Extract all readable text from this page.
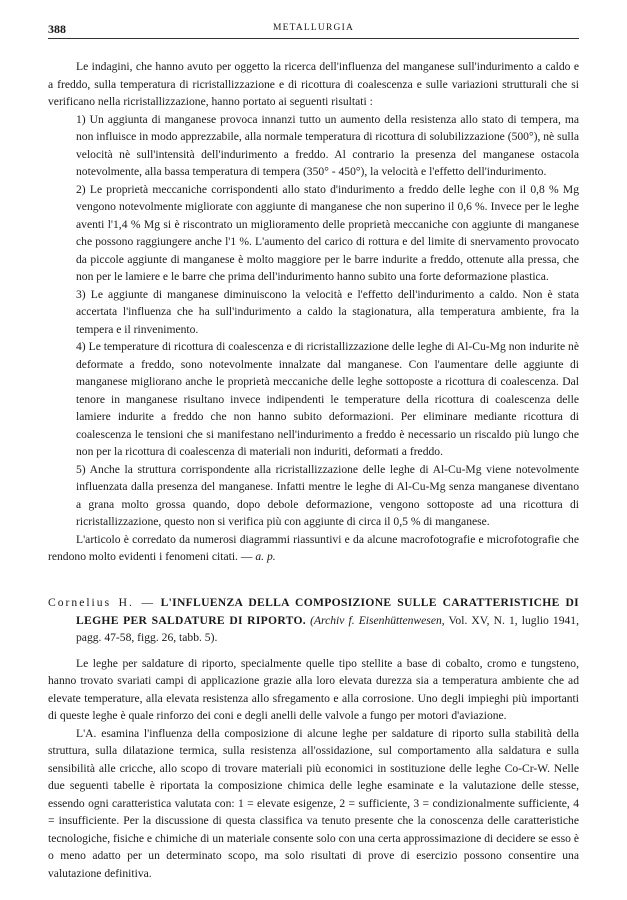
388	METALLURGIA

Le indagini, che hanno avuto per oggetto la ricerca dell'influenza del manganese sull'indurimento a caldo e a freddo, sulla temperatura di ricristallizzazione e di ricottura di coalescenza e sulle variazioni strutturali che si verificano nella ricristallizzazione, hanno portato ai seguenti risultati :

1) Un aggiunta di manganese provoca innanzi tutto un aumento della resistenza allo stato di tempera, ma non influisce in modo apprezzabile, alla normale temperatura di ricottura di solubilizzazione (500°), nè sulla velocità nè sull'intensità dell'indurimento a freddo. Al contrario la presenza del manganese ostacola notevolmente, alla bassa temperatura di tempera (350° - 450°), la velocità e l'effetto dell'indurimento.

2) Le proprietà meccaniche corrispondenti allo stato d'indurimento a freddo delle leghe con il 0,8 % Mg vengono notevolmente migliorate con aggiunte di manganese che non superino il 0,6 %. Invece per le leghe aventi l'1,4 % Mg si è riscontrato un miglioramento delle proprietà meccaniche con aggiunte di manganese che possono raggiungere anche l'1 %. L'aumento del carico di rottura e del limite di snervamento provocato da piccole aggiunte di manganese è molto maggiore per le barre indurite a freddo, ottenute alla pressa, che non per le lamiere e le barre che prima dell'indurimento hanno subito una forte deformazione plastica.

3) Le aggiunte di manganese diminuiscono la velocità e l'effetto dell'indurimento a caldo. Non è stata accertata l'influenza che ha sull'indurimento a caldo la stagionatura, alla temperatura ambiente, fra la tempera e il rinvenimento.

4) Le temperature di ricottura di coalescenza e di ricristallizzazione delle leghe di Al-Cu-Mg non indurite nè deformate a freddo, sono notevolmente innalzate dal manganese. Con l'aumentare delle aggiunte di manganese migliorano anche le proprietà meccaniche delle leghe sottoposte a ricottura di coalescenza. Dal tenore in manganese risultano invece indipendenti le temperature della ricottura di coalescenza delle lamiere indurite a freddo che non hanno subito deformazioni. Per eliminare mediante ricottura di coalescenza le tensioni che si manifestano nell'indurimento a freddo è necessario un riscaldo più lungo che non per la ricottura di coalescenza di materiali non induriti, deformati a freddo.

5) Anche la struttura corrispondente alla ricristallizzazione delle leghe di Al-Cu-Mg viene notevolmente influenzata dalla presenza del manganese. Infatti mentre le leghe di Al-Cu-Mg senza manganese diventano a grana molto grossa quando, dopo debole deformazione, vengono sottoposte ad una ricottura di ricristallizzazione, questo non si verifica più con aggiunte di circa il 0,5 % di manganese.

L'articolo è corredato da numerosi diagrammi riassuntivi e da alcune macrofotografie e microfotografie che rendono molto evidenti i fenomeni citati. — a. p.

Cornelius H. — L'INFLUENZA DELLA COMPOSIZIONE SULLE CARATTERISTICHE DI LEGHE PER SALDATURE DI RIPORTO. (Archiv f. Eisenhüttenwesen, Vol. XV, N. 1, luglio 1941, pagg. 47-58, figg. 26, tabb. 5).

Le leghe per saldature di riporto, specialmente quelle tipo stellite a base di cobalto, cromo e tungsteno, hanno trovato svariati campi di applicazione grazie alla loro elevata durezza sia a temperatura ambiente che ad elevate temperature, alla elevata resistenza allo sfregamento e alla corrosione. Uno degli impieghi più importanti di queste leghe è quale rinforzo dei coni e degli anelli delle valvole a fungo per motori d'aviazione.

L'A. esamina l'influenza della composizione di alcune leghe per saldature di riporto sulla stabilità della struttura, sulla dilatazione termica, sulla resistenza all'ossidazione, sul comportamento alla saldatura e sulla sensibilità alle cricche, allo scopo di trovare materiali più economici in sostituzione delle leghe Co-Cr-W. Nelle due seguenti tabelle è riportata la composizione chimica delle leghe esaminate e la valutazione delle stesse, essendo ogni caratteristica valutata con: 1 = elevate esigenze, 2 = sufficiente, 3 = condizionalmente sufficiente, 4 = insufficiente. Per la discussione di questa classifica va tenuto presente che la conoscenza delle caratteristiche tecnologiche, fisiche e chimiche di un materiale consente solo con una certa approssimazione di decidere se esso è o meno adatto per un determinato scopo, ma solo risultati di prove di esercizio possono consentire una valutazione definitiva.
